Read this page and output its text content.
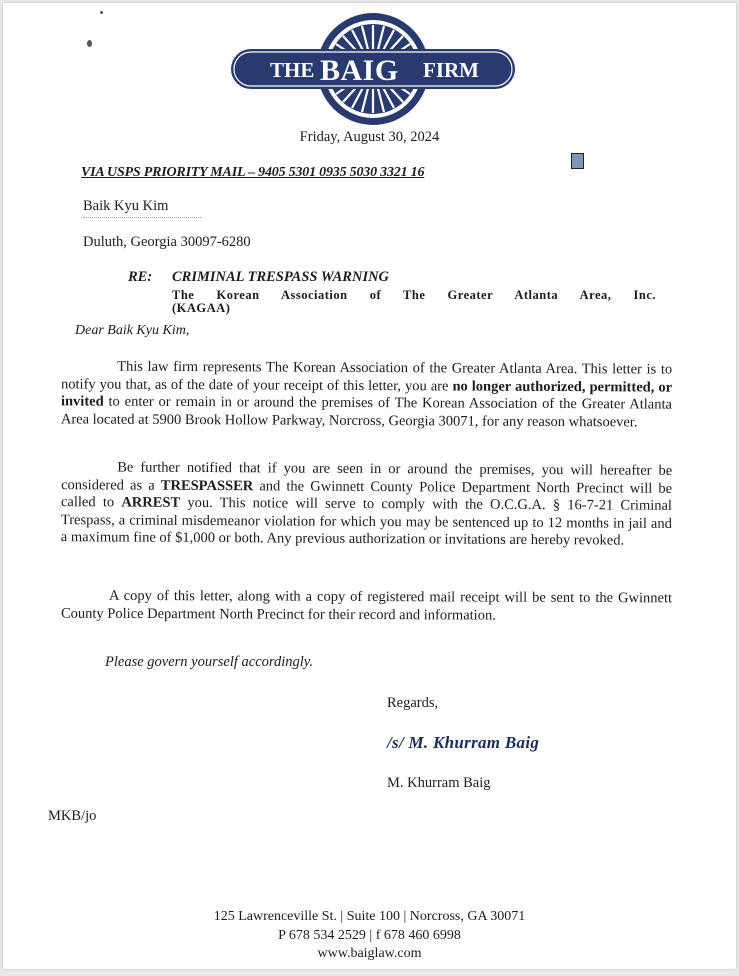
THE BAIG FIRM
Friday, August 30, 2024
VIA USPS PRIORITY MAIL – 9405 5301 0935 5030 3321 16
Baik Kyu Kim
Duluth, Georgia 30097-6280
RE: CRIMINAL TRESPASS WARNING
The Korean Association of The Greater Atlanta Area, Inc.
(KAGAA)
Dear Baik Kyu Kim,

This law firm represents The Korean Association of the Greater Atlanta Area. This letter is to notify you that, as of the date of your receipt of this letter, you are no longer authorized, permitted, or invited to enter or remain in or around the premises of The Korean Association of the Greater Atlanta Area located at 5900 Brook Hollow Parkway, Norcross, Georgia 30071, for any reason whatsoever.

Be further notified that if you are seen in or around the premises, you will hereafter be considered as a TRESPASSER and the Gwinnett County Police Department North Precinct will be called to ARREST you. This notice will serve to comply with the O.C.G.A. § 16-7-21 Criminal Trespass, a criminal misdemeanor violation for which you may be sentenced up to 12 months in jail and a maximum fine of $1,000 or both. Any previous authorization or invitations are hereby revoked.

A copy of this letter, along with a copy of registered mail receipt will be sent to the Gwinnett County Police Department North Precinct for their record and information.

Please govern yourself accordingly.
Regards,
/s/ M. Khurram Baig
M. Khurram Baig
MKB/jo
125 Lawrenceville St. | Suite 100 | Norcross, GA 30071
P 678 534 2529 | f 678 460 6998
www.baiglaw.com
